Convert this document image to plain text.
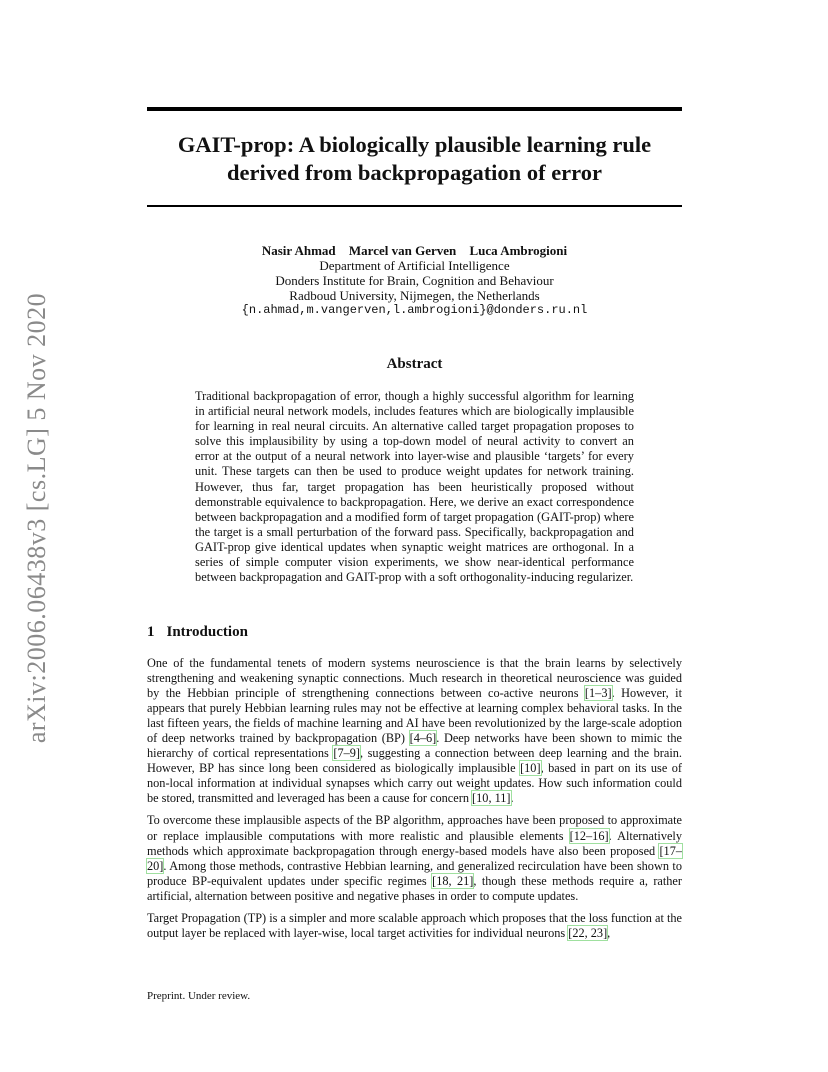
arXiv:2006.06438v3 [cs.LG] 5 Nov 2020
GAIT-prop: A biologically plausible learning rule
derived from backpropagation of error
Nasir Ahmad Marcel van Gerven Luca Ambrogioni
Department of Artificial Intelligence
Donders Institute for Brain, Cognition and Behaviour
Radboud University, Nijmegen, the Netherlands
{n.ahmad,m.vangerven,l.ambrogioni}@donders.ru.nl
Abstract
Traditional backpropagation of error, though a highly successful algorithm for learning in artificial neural network models, includes features which are biologically implausible for learning in real neural circuits. An alternative called target propagation proposes to solve this implausibility by using a top-down model of neural activity to convert an error at the output of a neural network into layer-wise and plausible ‘targets’ for every unit. These targets can then be used to produce weight updates for network training. However, thus far, target propagation has been heuristically proposed without demonstrable equivalence to backpropagation. Here, we derive an exact correspondence between backpropagation and a modified form of target propagation (GAIT-prop) where the target is a small perturbation of the forward pass. Specifically, backpropagation and GAIT-prop give identical updates when synaptic weight matrices are orthogonal. In a series of simple computer vision experiments, we show near-identical performance between backpropagation and GAIT-prop with a soft orthogonality-inducing regularizer.
1 Introduction

One of the fundamental tenets of modern systems neuroscience is that the brain learns by selectively strengthening and weakening synaptic connections. Much research in theoretical neuroscience was guided by the Hebbian principle of strengthening connections between co-active neurons [1–3]. However, it appears that purely Hebbian learning rules may not be effective at learning complex behavioral tasks. In the last fifteen years, the fields of machine learning and AI have been revolutionized by the large-scale adoption of deep networks trained by backpropagation (BP) [4–6]. Deep networks have been shown to mimic the hierarchy of cortical representations [7–9], suggesting a connection between deep learning and the brain. However, BP has since long been considered as biologically implausible [10], based in part on its use of non-local information at individual synapses which carry out weight updates. How such information could be stored, transmitted and leveraged has been a cause for concern [10, 11].

To overcome these implausible aspects of the BP algorithm, approaches have been proposed to approximate or replace implausible computations with more realistic and plausible elements [12–16]. Alternatively methods which approximate backpropagation through energy-based models have also been proposed [17–20]. Among those methods, contrastive Hebbian learning, and generalized recirculation have been shown to produce BP-equivalent updates under specific regimes [18, 21], though these methods require a, rather artificial, alternation between positive and negative phases in order to compute updates.

Target Propagation (TP) is a simpler and more scalable approach which proposes that the loss function at the output layer be replaced with layer-wise, local target activities for individual neurons [22, 23],

Preprint. Under review.
